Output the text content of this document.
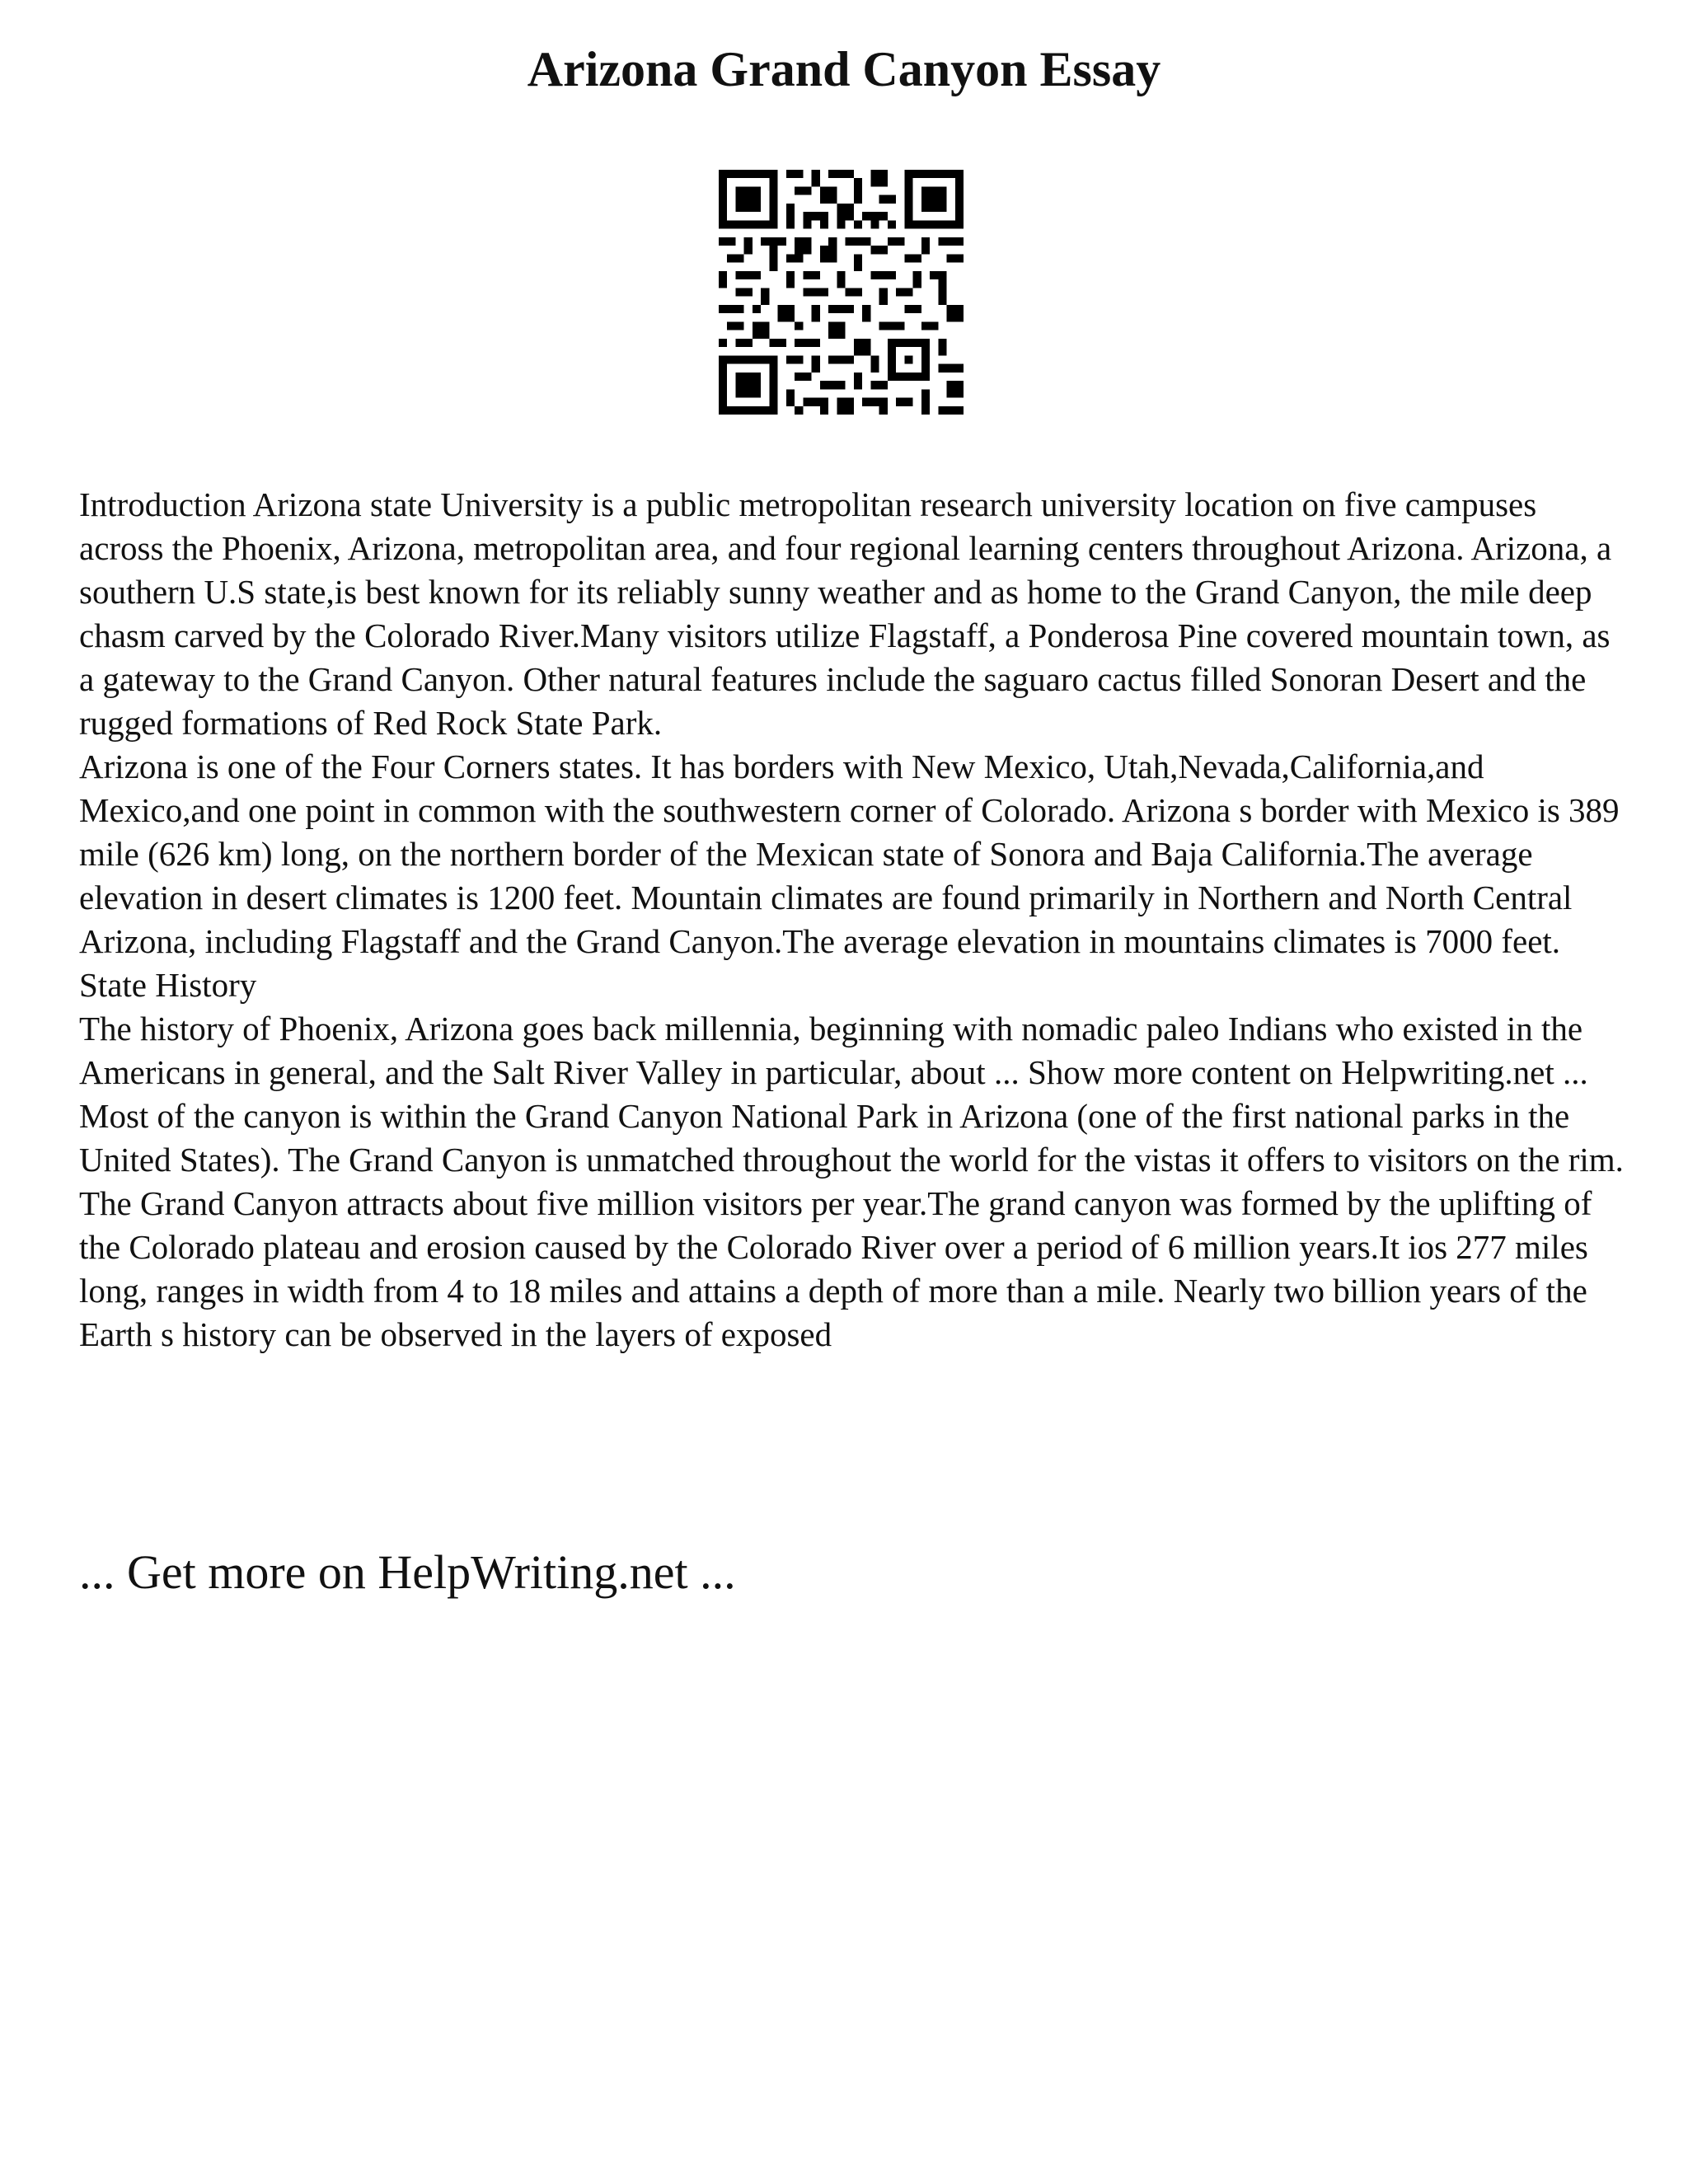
Arizona Grand Canyon Essay

Introduction Arizona state University is a public metropolitan research university location on five campuses across the Phoenix, Arizona, metropolitan area, and four regional learning centers throughout Arizona. Arizona, a southern U.S state,is best known for its reliably sunny weather and as home to the Grand Canyon, the mile deep chasm carved by the Colorado River.Many visitors utilize Flagstaff, a Ponderosa Pine covered mountain town, as a gateway to the Grand Canyon. Other natural features include the saguaro cactus filled Sonoran Desert and the rugged formations of Red Rock State Park.

Arizona is one of the Four Corners states. It has borders with New Mexico, Utah,Nevada,California,and Mexico,and one point in common with the southwestern corner of Colorado. Arizona s border with Mexico is 389 mile (626 km) long, on the northern border of the Mexican state of Sonora and Baja California.The average elevation in desert climates is 1200 feet. Mountain climates are found primarily in Northern and North Central Arizona, including Flagstaff and the Grand Canyon.The average elevation in mountains climates is 7000 feet.

State History

The history of Phoenix, Arizona goes back millennia, beginning with nomadic paleo Indians who existed in the Americans in general, and the Salt River Valley in particular, about ... Show more content on Helpwriting.net ...

Most of the canyon is within the Grand Canyon National Park in Arizona (one of the first national parks in the United States). The Grand Canyon is unmatched throughout the world for the vistas it offers to visitors on the rim. The Grand Canyon attracts about five million visitors per year.The grand canyon was formed by the uplifting of the Colorado plateau and erosion caused by the Colorado River over a period of 6 million years.It ios 277 miles long, ranges in width from 4 to 18 miles and attains a depth of more than a mile. Nearly two billion years of the Earth s history can be observed in the layers of exposed

... Get more on HelpWriting.net ...
